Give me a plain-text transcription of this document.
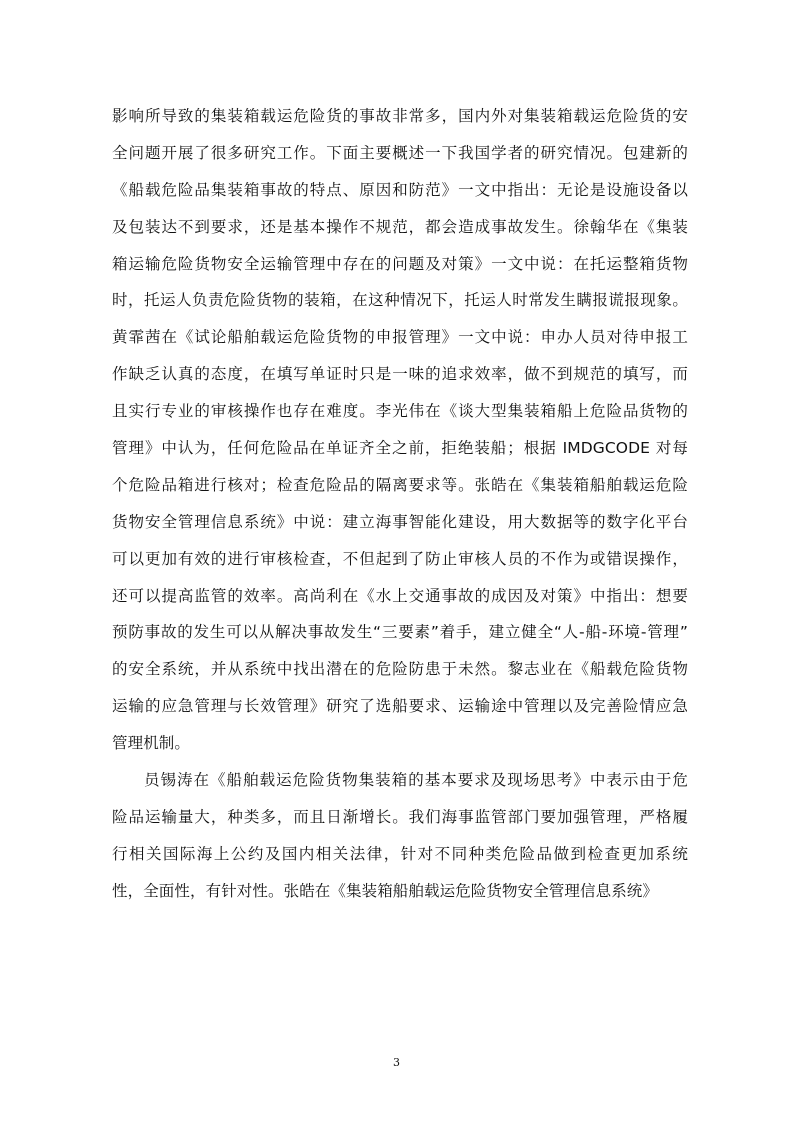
影响所导致的集装箱载运危险货的事故非常多，国内外对集装箱载运危险货的安
全问题开展了很多研究工作。下面主要概述一下我国学者的研究情况。包建新的
《船载危险品集装箱事故的特点、原因和防范》一文中指出：无论是设施设备以
及包装达不到要求，还是基本操作不规范，都会造成事故发生。徐翰华在《集装
箱运输危险货物安全运输管理中存在的问题及对策》一文中说：在托运整箱货物
时，托运人负责危险货物的装箱，在这种情况下，托运人时常发生瞒报谎报现象。
黄霏茜在《试论船舶载运危险货物的申报管理》一文中说：申办人员对待申报工
作缺乏认真的态度，在填写单证时只是一味的追求效率，做不到规范的填写，而
且实行专业的审核操作也存在难度。李光伟在《谈大型集装箱船上危险品货物的
管理》中认为，任何危险品在单证齐全之前，拒绝装船；根据 IMDGCODE 对每
个危险品箱进行核对；检查危险品的隔离要求等。张皓在《集装箱船舶载运危险
货物安全管理信息系统》中说：建立海事智能化建设，用大数据等的数字化平台
可以更加有效的进行审核检查，不但起到了防止审核人员的不作为或错误操作，
还可以提高监管的效率。高尚利在《水上交通事故的成因及对策》中指出：想要
预防事故的发生可以从解决事故发生“三要素”着手，建立健全“人-船-环境-管理”
的安全系统，并从系统中找出潜在的危险防患于未然。黎志业在《船载危险货物
运输的应急管理与长效管理》研究了选船要求、运输途中管理以及完善险情应急
管理机制。
员锡涛在《船舶载运危险货物集装箱的基本要求及现场思考》中表示由于危
险品运输量大，种类多，而且日渐增长。我们海事监管部门要加强管理，严格履
行相关国际海上公约及国内相关法律，针对不同种类危险品做到检查更加系统
性，全面性，有针对性。张皓在《集装箱船舶载运危险货物安全管理信息系统》
3
